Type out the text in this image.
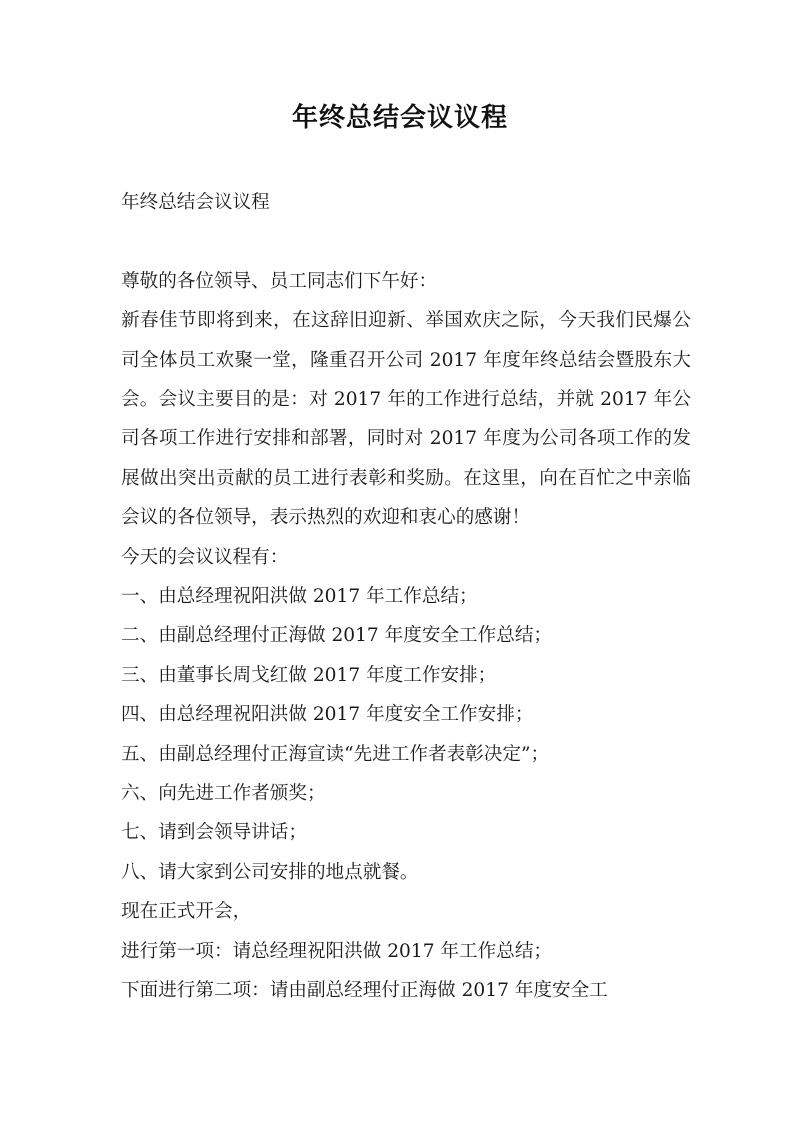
年终总结会议议程

年终总结会议议程

尊敬的各位领导、员工同志们下午好：

新春佳节即将到来，在这辞旧迎新、举国欢庆之际，今天我们民爆公司全体员工欢聚一堂，隆重召开公司 2017 年度年终总结会暨股东大会。会议主要目的是：对 2017 年的工作进行总结，并就 2017 年公司各项工作进行安排和部署，同时对 2017 年度为公司各项工作的发展做出突出贡献的员工进行表彰和奖励。在这里，向在百忙之中亲临会议的各位领导，表示热烈的欢迎和衷心的感谢！

今天的会议议程有：

一、由总经理祝阳洪做 2017 年工作总结；

二、由副总经理付正海做 2017 年度安全工作总结；

三、由董事长周戈红做 2017 年度工作安排；

四、由总经理祝阳洪做 2017 年度安全工作安排；

五、由副总经理付正海宣读“先进工作者表彰决定”；

六、向先进工作者颁奖；

七、请到会领导讲话；

八、请大家到公司安排的地点就餐。

现在正式开会，

进行第一项：请总经理祝阳洪做 2017 年工作总结；

下面进行第二项：请由副总经理付正海做 2017 年度安全工
